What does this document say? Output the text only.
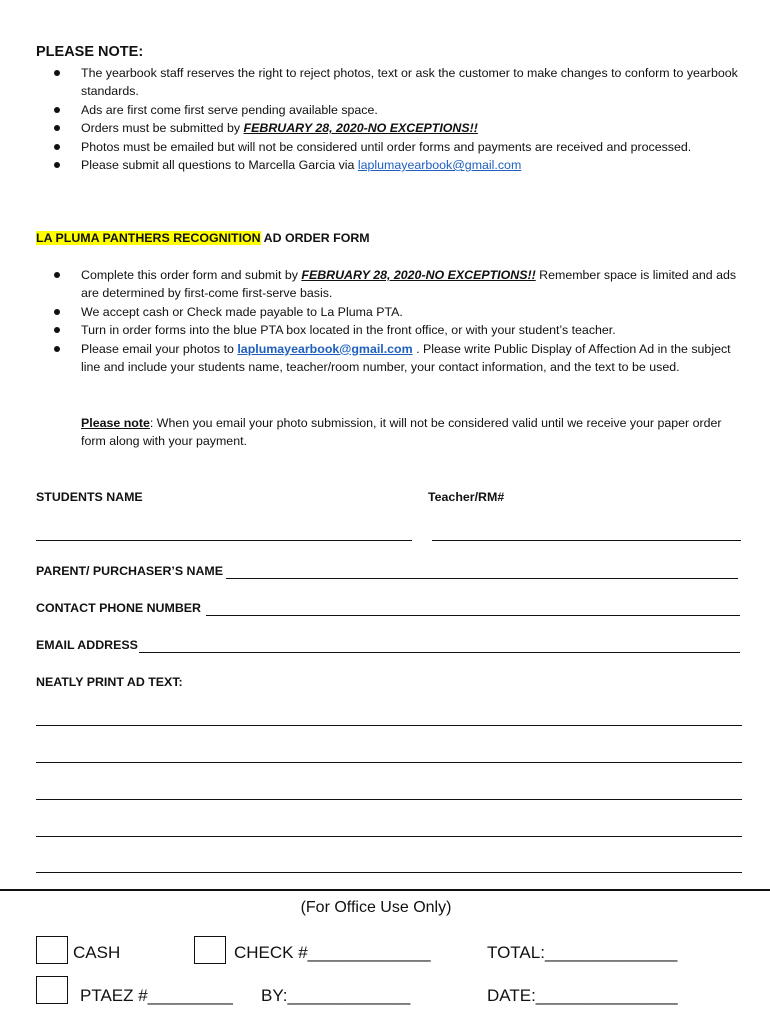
PLEASE NOTE:
The yearbook staff reserves the right to reject photos, text or ask the customer to make changes to conform to yearbook standards.
Ads are first come first serve pending available space.
Orders must be submitted by FEBRUARY 28, 2020-NO EXCEPTIONS!!
Photos must be emailed but will not be considered until order forms and payments are received and processed.
Please submit all questions to Marcella Garcia via laplumayearbook@gmail.com
LA PLUMA PANTHERS RECOGNITION AD ORDER FORM
Complete this order form and submit by FEBRUARY 28, 2020-NO EXCEPTIONS!! Remember space is limited and ads are determined by first-come first-serve basis.
We accept cash or Check made payable to La Pluma PTA.
Turn in order forms into the blue PTA box located in the front office, or with your student’s teacher.
Please email your photos to laplumayearbook@gmail.com . Please write Public Display of Affection Ad in the subject line and include your students name, teacher/room number, your contact information, and the text to be used.
Please note: When you email your photo submission, it will not be considered valid until we receive your paper order form along with your payment.
STUDENTS NAME	Teacher/RM#
PARENT/ PURCHASER’S NAME
CONTACT PHONE NUMBER
EMAIL ADDRESS
NEATLY PRINT AD TEXT:
(For Office Use Only)
CASH	CHECK #_____________	TOTAL:______________
PTAEZ #_________ BY:_____________	DATE:_______________
